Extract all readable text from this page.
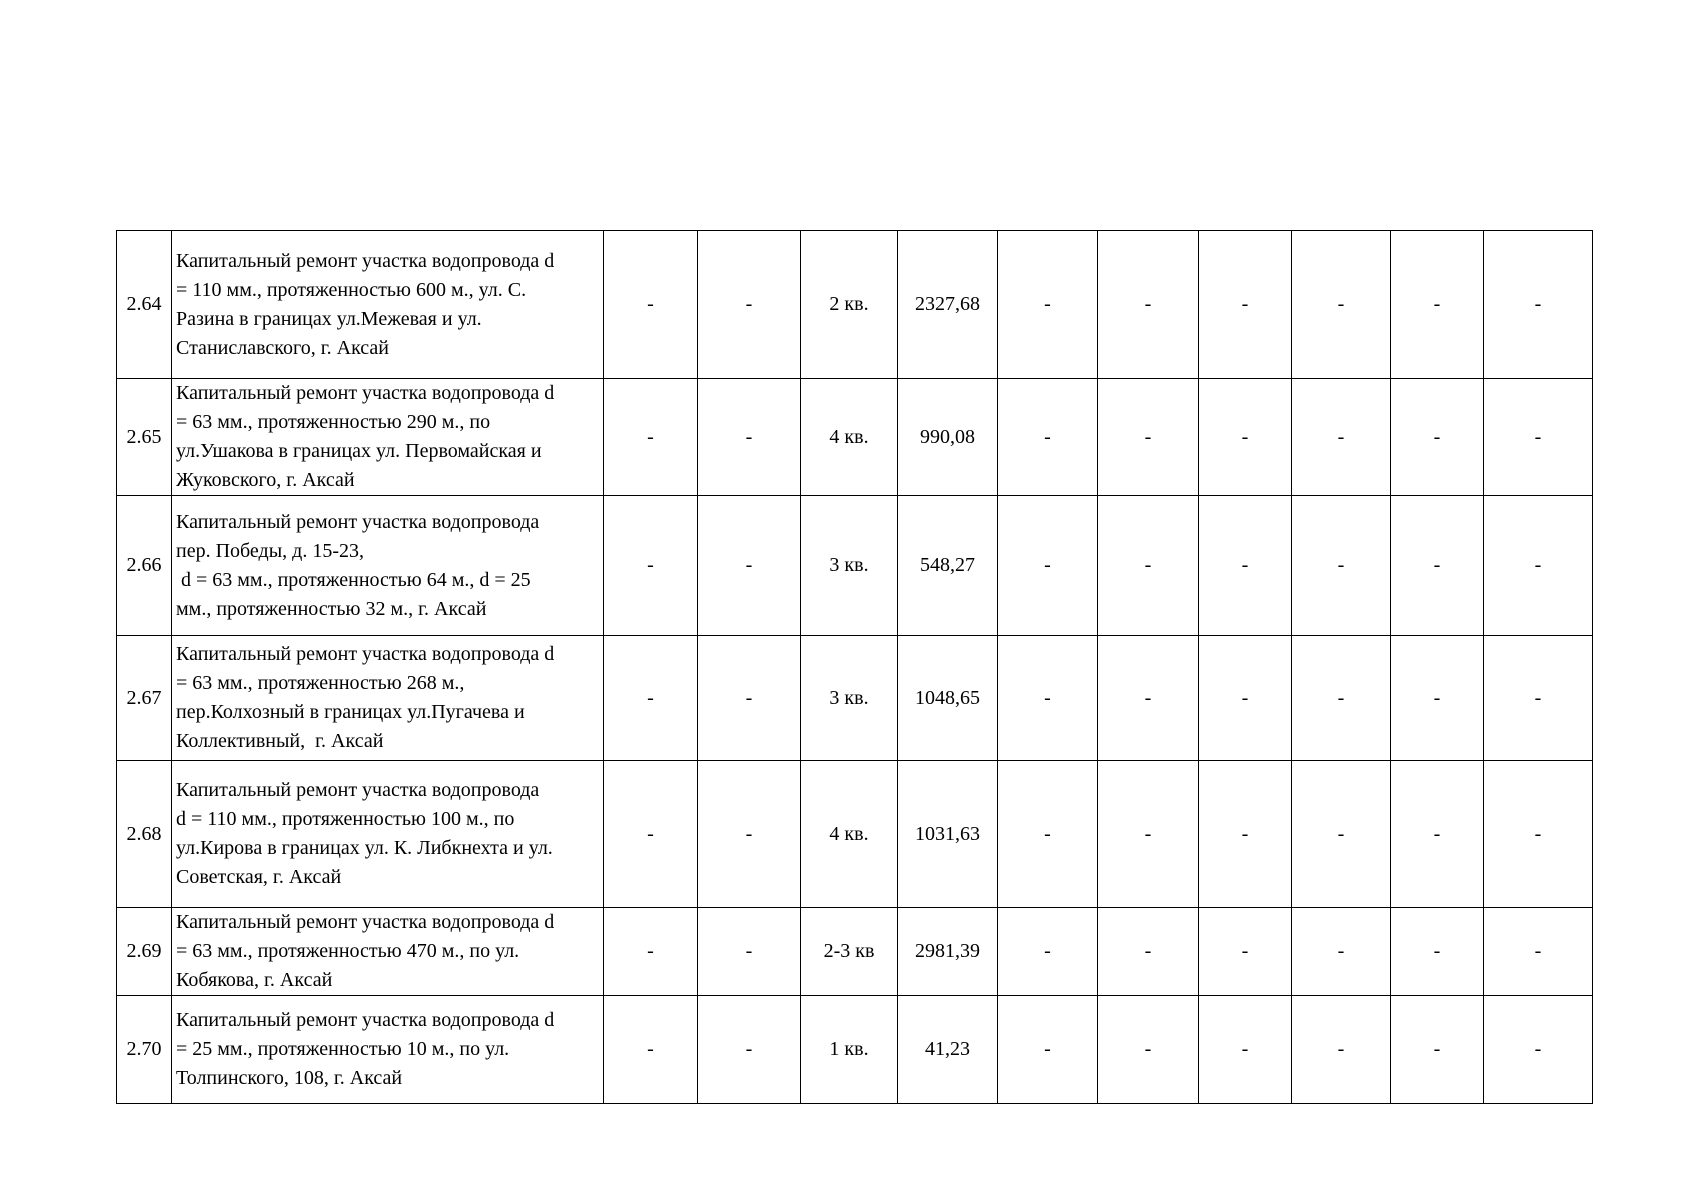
2.64	Капитальный ремонт участка водопровода d
= 110 мм., протяженностью 600 м., ул. С.
Разина в границах ул.Межевая и ул.
Станиславского, г. Аксай	-	-	2 кв.	2327,68	-	-	-	-	-	-
2.65	Капитальный ремонт участка водопровода d
= 63 мм., протяженностью 290 м., по
ул.Ушакова в границах ул. Первомайская и
Жуковского, г. Аксай	-	-	4 кв.	990,08	-	-	-	-	-	-
2.66	Капитальный ремонт участка водопровода
пер. Победы, д. 15-23,
d = 63 мм., протяженностью 64 м., d = 25
мм., протяженностью 32 м., г. Аксай	-	-	3 кв.	548,27	-	-	-	-	-	-
2.67	Капитальный ремонт участка водопровода d
= 63 мм., протяженностью 268 м.,
пер.Колхозный в границах ул.Пугачева и
Коллективный,  г. Аксай	-	-	3 кв.	1048,65	-	-	-	-	-	-
2.68	Капитальный ремонт участка водопровода
d = 110 мм., протяженностью 100 м., по
ул.Кирова в границах ул. К. Либкнехта и ул.
Советская, г. Аксай	-	-	4 кв.	1031,63	-	-	-	-	-	-
2.69	Капитальный ремонт участка водопровода d
= 63 мм., протяженностью 470 м., по ул.
Кобякова, г. Аксай	-	-	2-3 кв	2981,39	-	-	-	-	-	-
2.70	Капитальный ремонт участка водопровода d
= 25 мм., протяженностью 10 м., по ул.
Толпинского, 108, г. Аксай	-	-	1 кв.	41,23	-	-	-	-	-	-
